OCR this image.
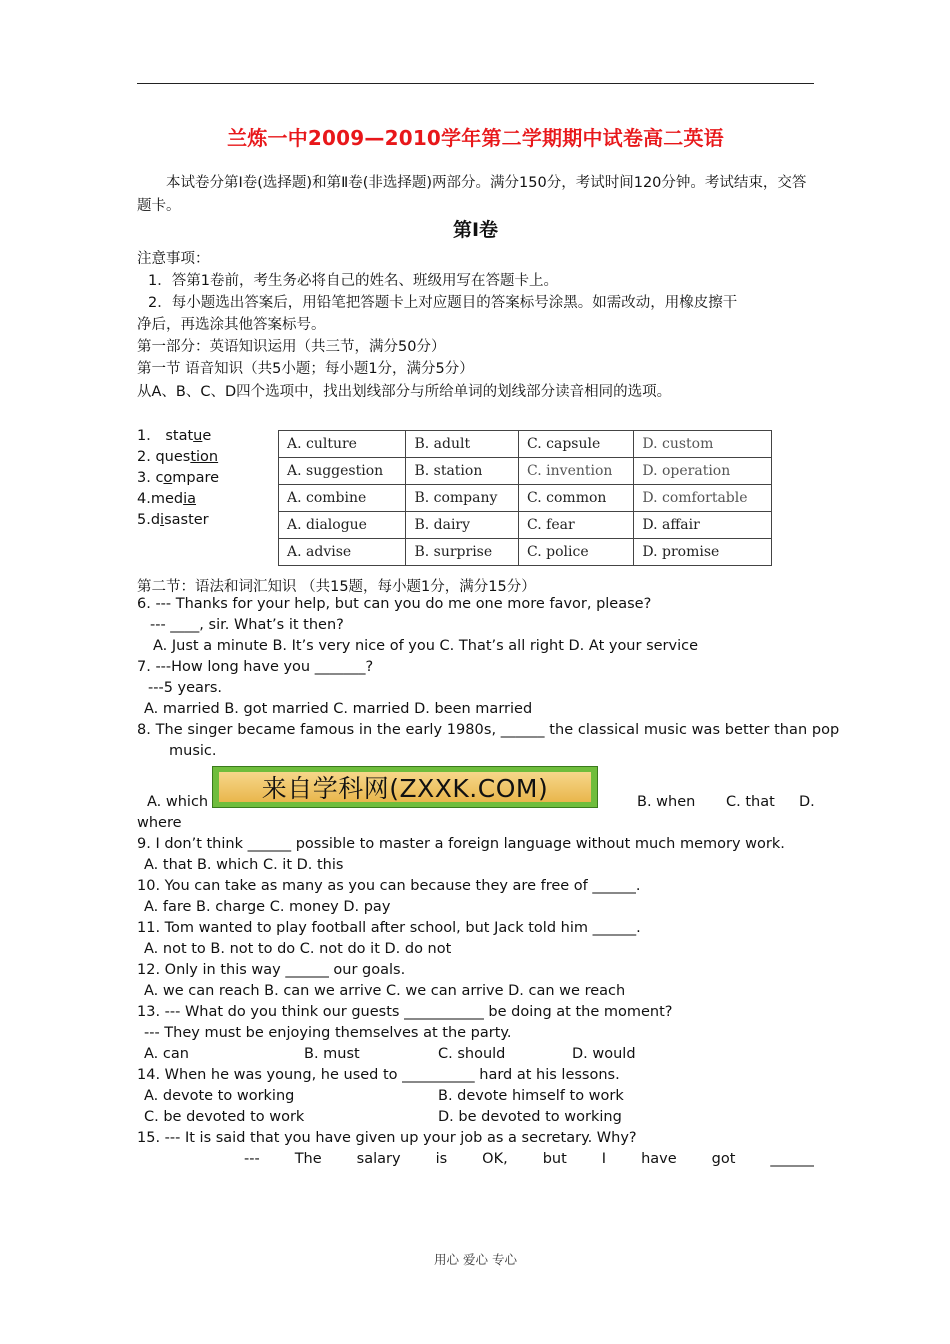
兰炼一中2009—2010学年第二学期期中试卷高二英语
本试卷分第Ⅰ卷(选择题)和第Ⅱ卷(非选择题)两部分。满分150分，考试时间120分钟。考试结束，交答题卡。
第Ⅰ卷
注意事项：
1．答第1卷前，考生务必将自己的姓名、班级用写在答题卡上。
2．每小题选出答案后，用铅笔把答题卡上对应题目的答案标号涂黑。如需改动，用橡皮擦干
净后，再选涂其他答案标号。
第一部分：英语知识运用（共三节，满分50分）
第一节 语音知识（共5小题；每小题1分，满分5分）
从A、B、C、D四个选项中，找出划线部分与所给单词的划线部分读音相同的选项。
1． statue
2. question
3. compare
4.media
5.disaster
A. culture	B. adult	C. capsule	D. custom
A. suggestion	B. station	C. invention	D. operation
A. combine	B. company	C. common	D. comfortable
A. dialogue	B. dairy	C. fear	D. affair
A. advise	B. surprise	C. police	D. promise
第二节：语法和词汇知识 （共15题，每小题1分，满分15分）
6. --- Thanks for your help, but can you do me one more favor, please?
--- ____, sir. What’s it then?
A. Just a minute B. It’s very nice of you C. That’s all right D. At your service
7. ---How long have you _______?
---5 years.
A. married B. got married C. married D. been married
8. The singer became famous in the early 1980s, ______ the classical music was better than pop
music.
A. which	来自学科网(ZXXK.COM)	B. when C. that D.
where
9. I don’t think ______ possible to master a foreign language without much memory work.
A. that B. which C. it D. this
10. You can take as many as you can because they are free of ______.
A. fare B. charge C. money D. pay
11. Tom wanted to play football after school, but Jack told him ______.
A. not to B. not to do C. not do it D. do not
12. Only in this way ______ our goals.
A. we can reach B. can we arrive C. we can arrive D. can we reach
13. --- What do you think our guests ___________ be doing at the moment?
--- They must be enjoying themselves at the party.
A. can	B. must	C. should	D. would
14. When he was young, he used to __________ hard at his lessons.
A. devote to working	B. devote himself to work
C. be devoted to work	D. be devoted to working
15. --- It is said that you have given up your job as a secretary. Why?
--- The salary is OK, but I have got ______
用心 爱心 专心
